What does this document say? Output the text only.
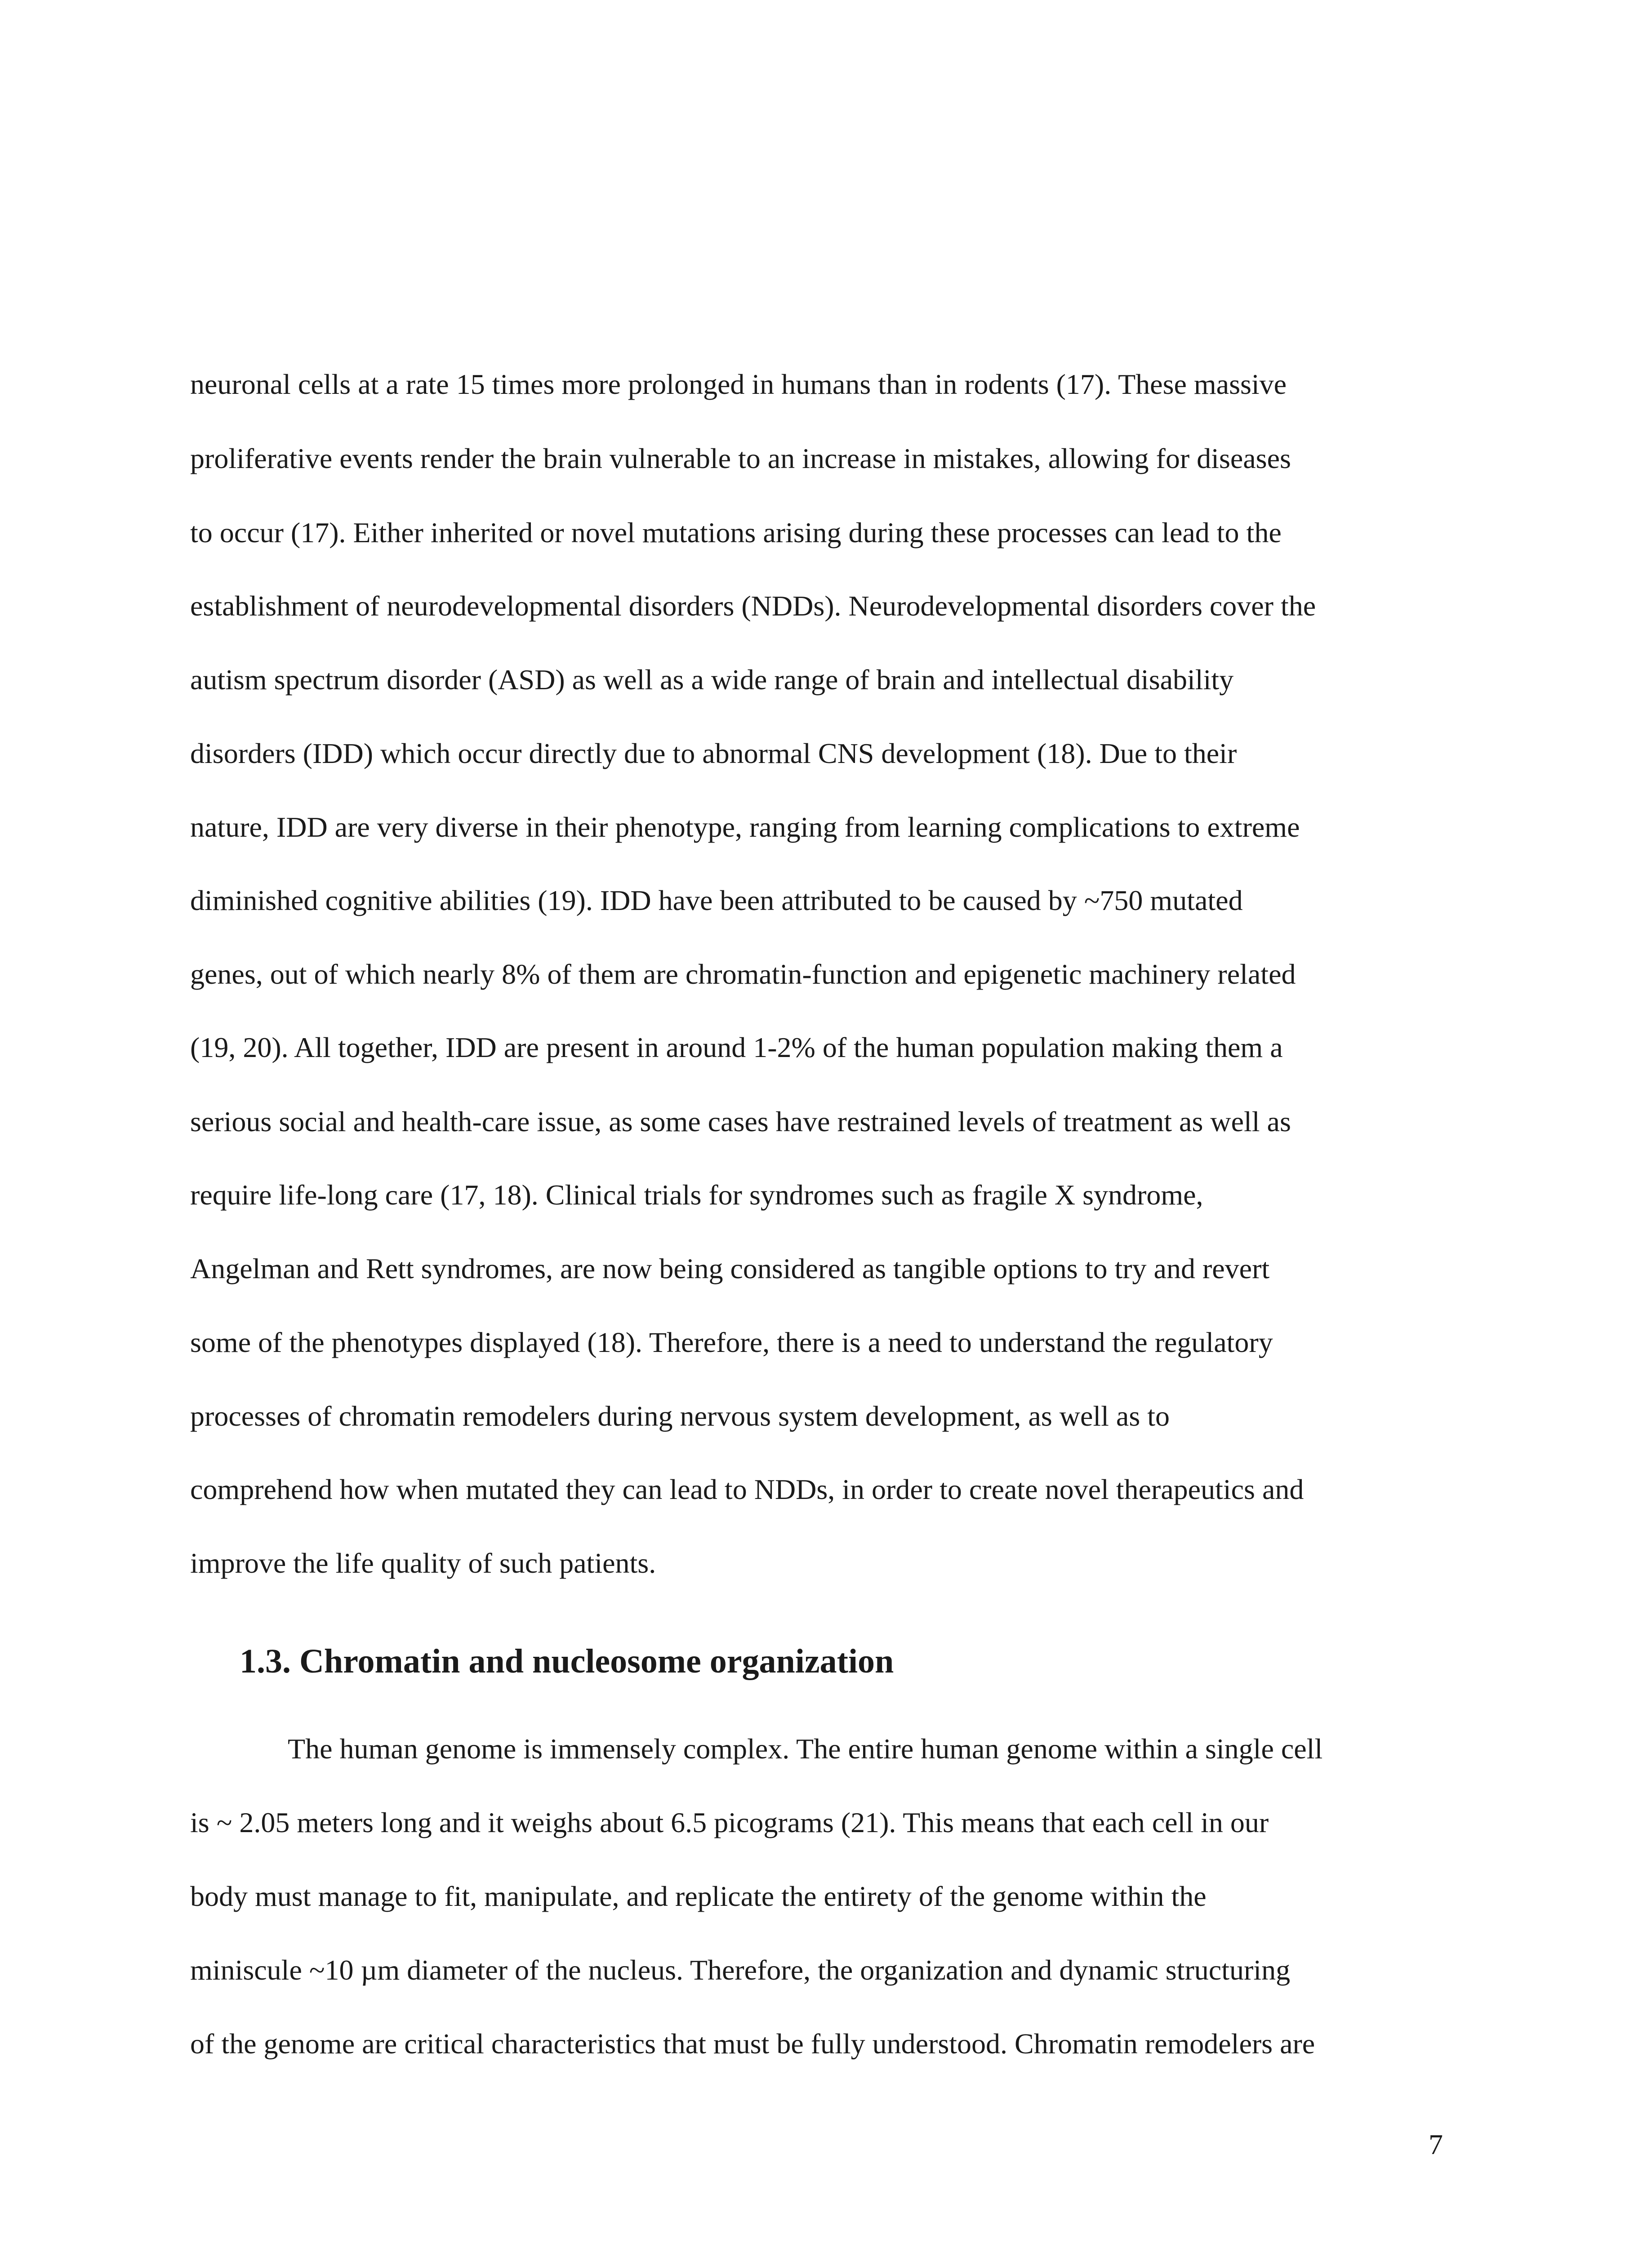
neuronal cells at a rate 15 times more prolonged in humans than in rodents (17). These massive
proliferative events render the brain vulnerable to an increase in mistakes, allowing for diseases
to occur (17). Either inherited or novel mutations arising during these processes can lead to the
establishment of neurodevelopmental disorders (NDDs). Neurodevelopmental disorders cover the
autism spectrum disorder (ASD) as well as a wide range of brain and intellectual disability
disorders (IDD) which occur directly due to abnormal CNS development (18). Due to their
nature, IDD are very diverse in their phenotype, ranging from learning complications to extreme
diminished cognitive abilities (19). IDD have been attributed to be caused by ~750 mutated
genes, out of which nearly 8% of them are chromatin-function and epigenetic machinery related
(19, 20). All together, IDD are present in around 1-2% of the human population making them a
serious social and health-care issue, as some cases have restrained levels of treatment as well as
require life-long care (17, 18). Clinical trials for syndromes such as fragile X syndrome,
Angelman and Rett syndromes, are now being considered as tangible options to try and revert
some of the phenotypes displayed (18). Therefore, there is a need to understand the regulatory
processes of chromatin remodelers during nervous system development, as well as to
comprehend how when mutated they can lead to NDDs, in order to create novel therapeutics and
improve the life quality of such patients.
1.3. Chromatin and nucleosome organization
The human genome is immensely complex. The entire human genome within a single cell
is ~ 2.05 meters long and it weighs about 6.5 picograms (21). This means that each cell in our
body must manage to fit, manipulate, and replicate the entirety of the genome within the
miniscule ~10 µm diameter of the nucleus. Therefore, the organization and dynamic structuring
of the genome are critical characteristics that must be fully understood. Chromatin remodelers are
7
